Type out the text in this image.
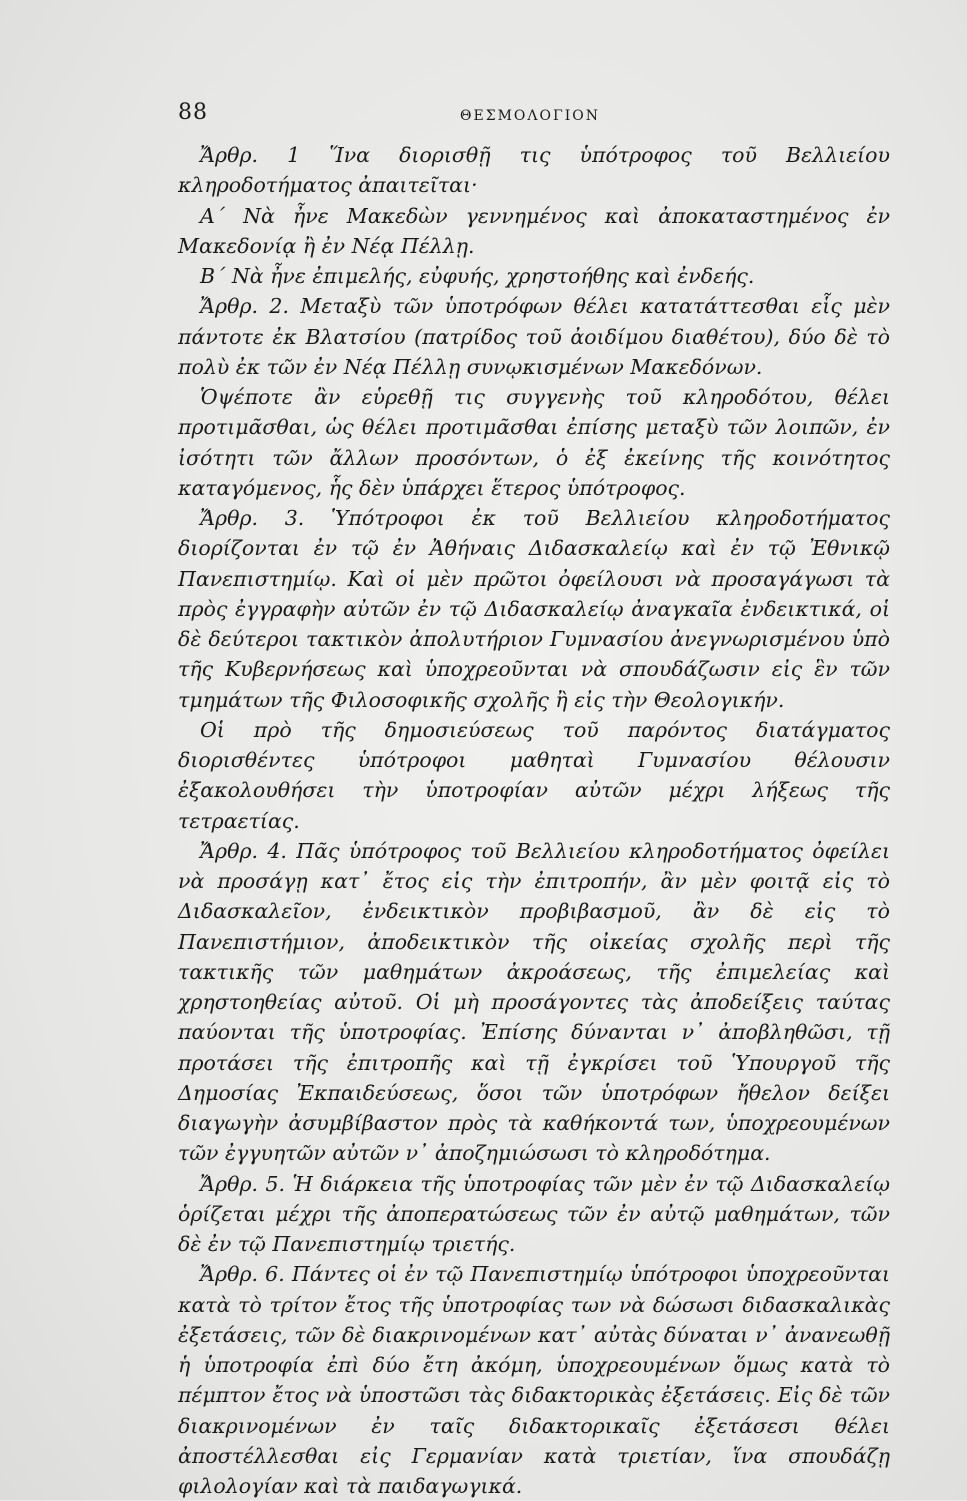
88	ΘΕΣΜΟΛΟΓΙΟΝ

Ἄρθρ. 1 Ἵνα διορισθῇ τις ὑπότροφος τοῦ Βελλιείου κληροδοτήματος ἀπαιτεῖται·

Α΄ Νὰ ἦνε Μακεδὼν γεννημένος καὶ ἀποκαταστημένος ἐν Μακεδονίᾳ ἢ ἐν Νέᾳ Πέλλῃ.

Β΄ Νὰ ἦνε ἐπιμελής, εὐφυής, χρηστοήθης καὶ ἐνδεής.

Ἄρθρ. 2. Μεταξὺ τῶν ὑποτρόφων θέλει κατατάττεσθαι εἷς μὲν πάντοτε ἐκ Βλατσίου (πατρίδος τοῦ ἀοιδίμου διαθέτου), δύο δὲ τὸ πολὺ ἐκ τῶν ἐν Νέᾳ Πέλλῃ συνῳκισμένων Μακεδόνων.

Ὁψέποτε ἂν εὑρεθῇ τις συγγενὴς τοῦ κληροδότου, θέλει προτιμᾶσθαι, ὡς θέλει προτιμᾶσθαι ἐπίσης μεταξὺ τῶν λοιπῶν, ἐν ἰσότητι τῶν ἄλλων προσόντων, ὁ ἐξ ἐκείνης τῆς κοινότητος καταγόμενος, ἧς δὲν ὑπάρχει ἕτερος ὑπότροφος.

Ἄρθρ. 3. Ὑπότροφοι ἐκ τοῦ Βελλιείου κληροδοτήματος διορίζονται ἐν τῷ ἐν Ἀθήναις Διδασκαλείῳ καὶ ἐν τῷ Ἐθνικῷ Πανεπιστημίῳ. Καὶ οἱ μὲν πρῶτοι ὀφείλουσι νὰ προσαγάγωσι τὰ πρὸς ἐγγραφὴν αὐτῶν ἐν τῷ Διδασκαλείῳ ἀναγκαῖα ἐνδεικτικά, οἱ δὲ δεύτεροι τακτικὸν ἀπολυτήριον Γυμνασίου ἀνεγνωρισμένου ὑπὸ τῆς Κυβερνήσεως καὶ ὑποχρεοῦνται νὰ σπουδάζωσιν εἰς ἓν τῶν τμημάτων τῆς Φιλοσοφικῆς σχολῆς ἢ εἰς τὴν Θεολογικήν.

Οἱ πρὸ τῆς δημοσιεύσεως τοῦ παρόντος διατάγματος διορισθέντες ὑπότροφοι μαθηταὶ Γυμνασίου θέλουσιν ἐξακολουθήσει τὴν ὑποτροφίαν αὐτῶν μέχρι λήξεως τῆς τετραετίας.

Ἄρθρ. 4. Πᾶς ὑπότροφος τοῦ Βελλιείου κληροδοτήματος ὀφείλει νὰ προσάγῃ κατ᾽ ἔτος εἰς τὴν ἐπιτροπήν, ἂν μὲν φοιτᾷ εἰς τὸ Διδασκαλεῖον, ἐνδεικτικὸν προβιβασμοῦ, ἂν δὲ εἰς τὸ Πανεπιστήμιον, ἀποδεικτικὸν τῆς οἰκείας σχολῆς περὶ τῆς τακτικῆς τῶν μαθημάτων ἀκροάσεως, τῆς ἐπιμελείας καὶ χρηστοηθείας αὐτοῦ. Οἱ μὴ προσάγοντες τὰς ἀποδείξεις ταύτας παύονται τῆς ὑποτροφίας. Ἐπίσης δύνανται ν᾽ ἀποβληθῶσι, τῇ προτάσει τῆς ἐπιτροπῆς καὶ τῇ ἐγκρίσει τοῦ Ὑπουργοῦ τῆς Δημοσίας Ἐκπαιδεύσεως, ὅσοι τῶν ὑποτρόφων ἤθελον δείξει διαγωγὴν ἀσυμβίβαστον πρὸς τὰ καθήκοντά των, ὑποχρεουμένων τῶν ἐγγυητῶν αὐτῶν ν᾽ ἀποζημιώσωσι τὸ κληροδότημα.

Ἄρθρ. 5. Ἡ διάρκεια τῆς ὑποτροφίας τῶν μὲν ἐν τῷ Διδασκαλείῳ ὁρίζεται μέχρι τῆς ἀποπερατώσεως τῶν ἐν αὐτῷ μαθημάτων, τῶν δὲ ἐν τῷ Πανεπιστημίῳ τριετής.

Ἄρθρ. 6. Πάντες οἱ ἐν τῷ Πανεπιστημίῳ ὑπότροφοι ὑποχρεοῦνται κατὰ τὸ τρίτον ἔτος τῆς ὑποτροφίας των νὰ δώσωσι διδασκαλικὰς ἐξετάσεις, τῶν δὲ διακρινομένων κατ᾽ αὐτὰς δύναται ν᾽ ἀνανεωθῇ ἡ ὑποτροφία ἐπὶ δύο ἔτη ἀκόμη, ὑποχρεουμένων ὅμως κατὰ τὸ πέμπτον ἔτος νὰ ὑποστῶσι τὰς διδακτορικὰς ἐξετάσεις. Εἰς δὲ τῶν διακρινομένων ἐν ταῖς διδακτορικαῖς ἐξετάσεσι θέλει ἀποστέλλεσθαι εἰς Γερμανίαν κατὰ τριετίαν, ἵνα σπουδάζῃ φιλολογίαν καὶ τὰ παιδαγωγικά.
